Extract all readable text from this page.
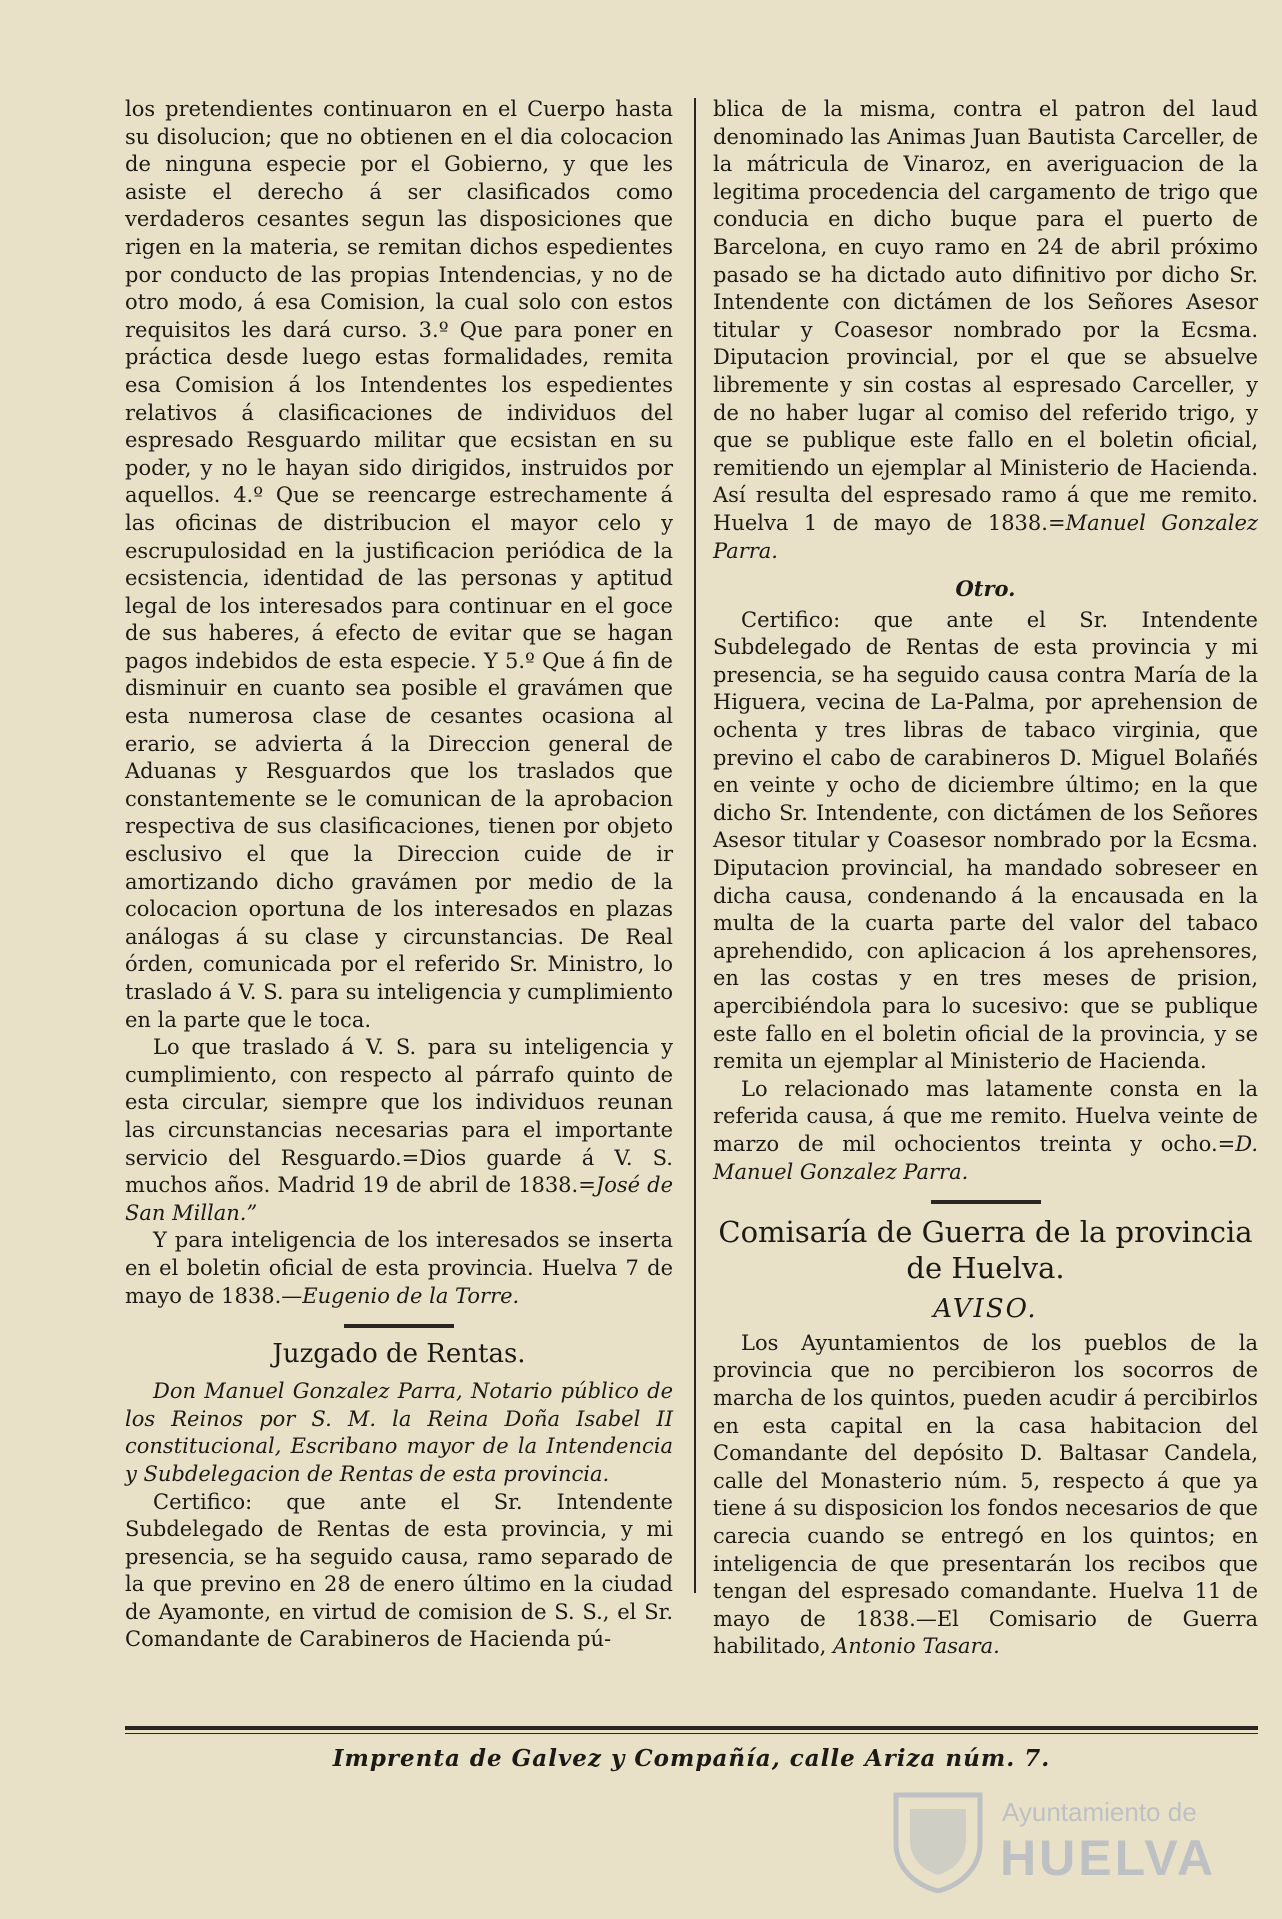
los pretendientes continuaron en el Cuerpo hasta su disolucion; que no obtienen en el dia colocacion de ninguna especie por el Gobierno, y que les asiste el derecho á ser clasificados como verdaderos cesantes segun las disposiciones que rigen en la materia, se remitan dichos espedientes por conducto de las propias Intendencias, y no de otro modo, á esa Comision, la cual solo con estos requisitos les dará curso. 3.º Que para poner en práctica desde luego estas formalidades, remita esa Comision á los Intendentes los espedientes relativos á clasificaciones de individuos del espresado Resguardo militar que ecsistan en su poder, y no le hayan sido dirigidos, instruidos por aquellos. 4.º Que se reencarge estrechamente á las oficinas de distribucion el mayor celo y escrupulosidad en la justificacion periódica de la ecsistencia, identidad de las personas y aptitud legal de los interesados para continuar en el goce de sus haberes, á efecto de evitar que se hagan pagos indebidos de esta especie. Y 5.º Que á fin de disminuir en cuanto sea posible el gravámen que esta numerosa clase de cesantes ocasiona al erario, se advierta á la Direccion general de Aduanas y Resguardos que los traslados que constantemente se le comunican de la aprobacion respectiva de sus clasificaciones, tienen por objeto esclusivo el que la Direccion cuide de ir amortizando dicho gravámen por medio de la colocacion oportuna de los interesados en plazas análogas á su clase y circunstancias. De Real órden, comunicada por el referido Sr. Ministro, lo traslado á V. S. para su inteligencia y cumplimiento en la parte que le toca.

Lo que traslado á V. S. para su inteligencia y cumplimiento, con respecto al párrafo quinto de esta circular, siempre que los individuos reunan las circunstancias necesarias para el importante servicio del Resguardo.=Dios guarde á V. S. muchos años. Madrid 19 de abril de 1838.=José de San Millan.”

Y para inteligencia de los interesados se inserta en el boletin oficial de esta provincia. Huelva 7 de mayo de 1838.—Eugenio de la Torre.

Juzgado de Rentas.

Don Manuel Gonzalez Parra, Notario público de los Reinos por S. M. la Reina Doña Isabel II constitucional, Escribano mayor de la Intendencia y Subdelegacion de Rentas de esta provincia.

Certifico: que ante el Sr. Intendente Subdelegado de Rentas de esta provincia, y mi presencia, se ha seguido causa, ramo separado de la que previno en 28 de enero último en la ciudad de Ayamonte, en virtud de comision de S. S., el Sr. Comandante de Carabineros de Hacienda pú-

blica de la misma, contra el patron del laud denominado las Animas Juan Bautista Carceller, de la mátricula de Vinaroz, en averiguacion de la legitima procedencia del cargamento de trigo que conducia en dicho buque para el puerto de Barcelona, en cuyo ramo en 24 de abril próximo pasado se ha dictado auto difinitivo por dicho Sr. Intendente con dictámen de los Señores Asesor titular y Coasesor nombrado por la Ecsma. Diputacion provincial, por el que se absuelve libremente y sin costas al espresado Carceller, y de no haber lugar al comiso del referido trigo, y que se publique este fallo en el boletin oficial, remitiendo un ejemplar al Ministerio de Hacienda. Así resulta del espresado ramo á que me remito. Huelva 1 de mayo de 1838.=Manuel Gonzalez Parra.

Otro.

Certifico: que ante el Sr. Intendente Subdelegado de Rentas de esta provincia y mi presencia, se ha seguido causa contra María de la Higuera, vecina de La-Palma, por aprehension de ochenta y tres libras de tabaco virginia, que previno el cabo de carabineros D. Miguel Bolañés en veinte y ocho de diciembre último; en la que dicho Sr. Intendente, con dictámen de los Señores Asesor titular y Coasesor nombrado por la Ecsma. Diputacion provincial, ha mandado sobreseer en dicha causa, condenando á la encausada en la multa de la cuarta parte del valor del tabaco aprehendido, con aplicacion á los aprehensores, en las costas y en tres meses de prision, apercibiéndola para lo sucesivo: que se publique este fallo en el boletin oficial de la provincia, y se remita un ejemplar al Ministerio de Hacienda.

Lo relacionado mas latamente consta en la referida causa, á que me remito. Huelva veinte de marzo de mil ochocientos treinta y ocho.=D. Manuel Gonzalez Parra.

Comisaría de Guerra de la provincia de Huelva.
AVISO.

Los Ayuntamientos de los pueblos de la provincia que no percibieron los socorros de marcha de los quintos, pueden acudir á percibirlos en esta capital en la casa habitacion del Comandante del depósito D. Baltasar Candela, calle del Monasterio núm. 5, respecto á que ya tiene á su disposicion los fondos necesarios de que carecia cuando se entregó en los quintos; en inteligencia de que presentarán los recibos que tengan del espresado comandante. Huelva 11 de mayo de 1838.—El Comisario de Guerra habilitado, Antonio Tasara.

Imprenta de Galvez y Compañía, calle Ariza núm. 7.
Ayuntamiento de
HUELVA
